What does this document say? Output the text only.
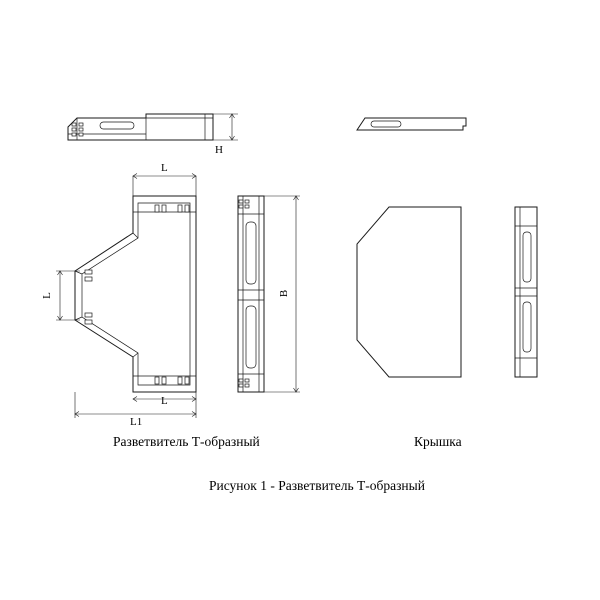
H
L
L
L
L1
B
Разветвитель Т-образный	Крышка
Рисунок 1 - Разветвитель Т-образный
